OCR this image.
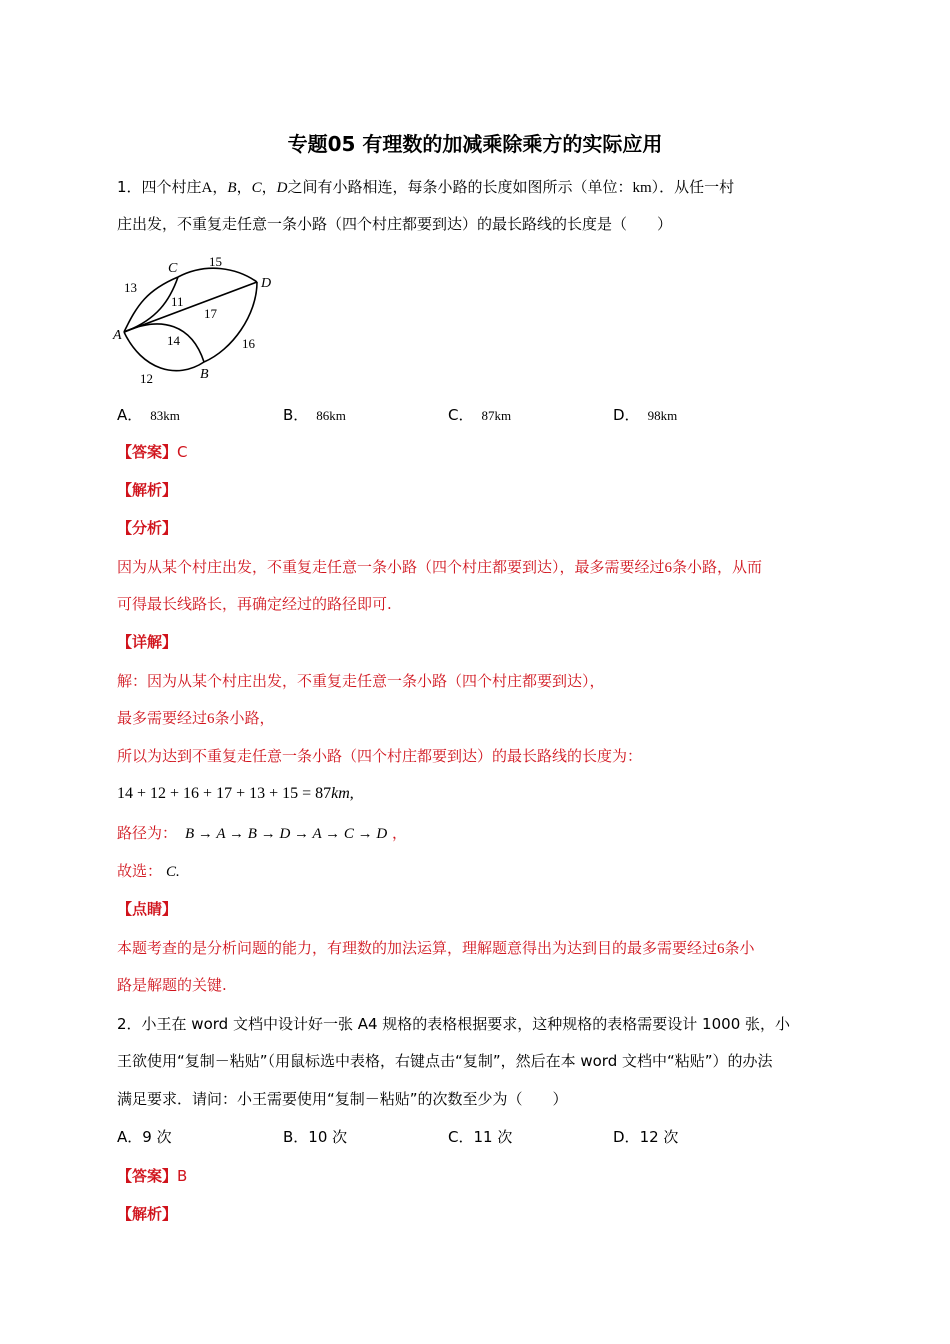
专题05 有理数的加减乘除乘方的实际应用
1．四个村庄A，B，C，D之间有小路相连，每条小路的长度如图所示（单位：km）．从任一村
庄出发，不重复走任意一条小路（四个村庄都要到达）的最长路线的长度是（　　）
C
D
A
B
15
13
11
17
14	16
12
A． 83km	B． 86km	C． 87km	D． 98km
【答案】C
【解析】
【分析】
因为从某个村庄出发，不重复走任意一条小路（四个村庄都要到达），最多需要经过6条小路，从而
可得最长线路长，再确定经过的路径即可.
【详解】
解：因为从某个村庄出发，不重复走任意一条小路（四个村庄都要到达），
最多需要经过6条小路，
所以为达到不重复走任意一条小路（四个村庄都要到达）的最长路线的长度为：
14 + 12 + 16 + 17 + 13 + 15 = 87km,
路径为： B → A → B → D → A → C → D ，
故选： C.
【点睛】
本题考查的是分析问题的能力，有理数的加法运算，理解题意得出为达到目的最多需要经过6条小
路是解题的关键.
2．小王在 word 文档中设计好一张 A4 规格的表格根据要求，这种规格的表格需要设计 1000 张，小
王欲使用“复制－粘贴”（用鼠标选中表格，右键点击“复制”，然后在本 word 文档中“粘贴”）的办法
满足要求．请问：小王需要使用“复制－粘贴”的次数至少为（　　）
A．9 次	B．10 次	C．11 次	D．12 次
【答案】B
【解析】
